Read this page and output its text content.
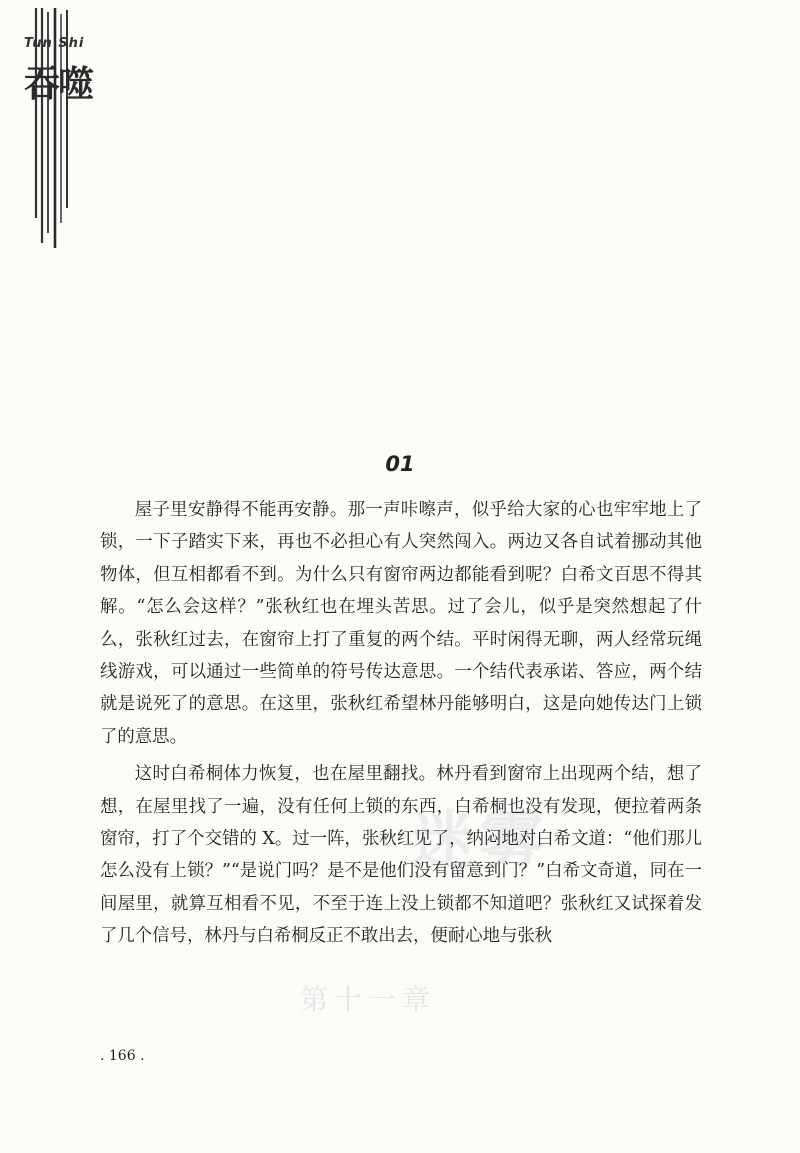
Tun Shi
吞噬
迷雾
第十一章
01

屋子里安静得不能再安静。那一声咔嚓声，似乎给大家的心也牢牢地上了锁，一下子踏实下来，再也不必担心有人突然闯入。两边又各自试着挪动其他物体，但互相都看不到。为什么只有窗帘两边都能看到呢？白希文百思不得其解。“怎么会这样？”张秋红也在埋头苦思。过了会儿，似乎是突然想起了什么，张秋红过去，在窗帘上打了重复的两个结。平时闲得无聊，两人经常玩绳线游戏，可以通过一些简单的符号传达意思。一个结代表承诺、答应，两个结就是说死了的意思。在这里，张秋红希望林丹能够明白，这是向她传达门上锁了的意思。

这时白希桐体力恢复，也在屋里翻找。林丹看到窗帘上出现两个结，想了想，在屋里找了一遍，没有任何上锁的东西，白希桐也没有发现，便拉着两条窗帘，打了个交错的 X。过一阵，张秋红见了，纳闷地对白希文道：“他们那儿怎么没有上锁？”“是说门吗？是不是他们没有留意到门？”白希文奇道，同在一间屋里，就算互相看不见，不至于连上没上锁都不知道吧？张秋红又试探着发了几个信号，林丹与白希桐反正不敢出去，便耐心地与张秋

. 166 .
